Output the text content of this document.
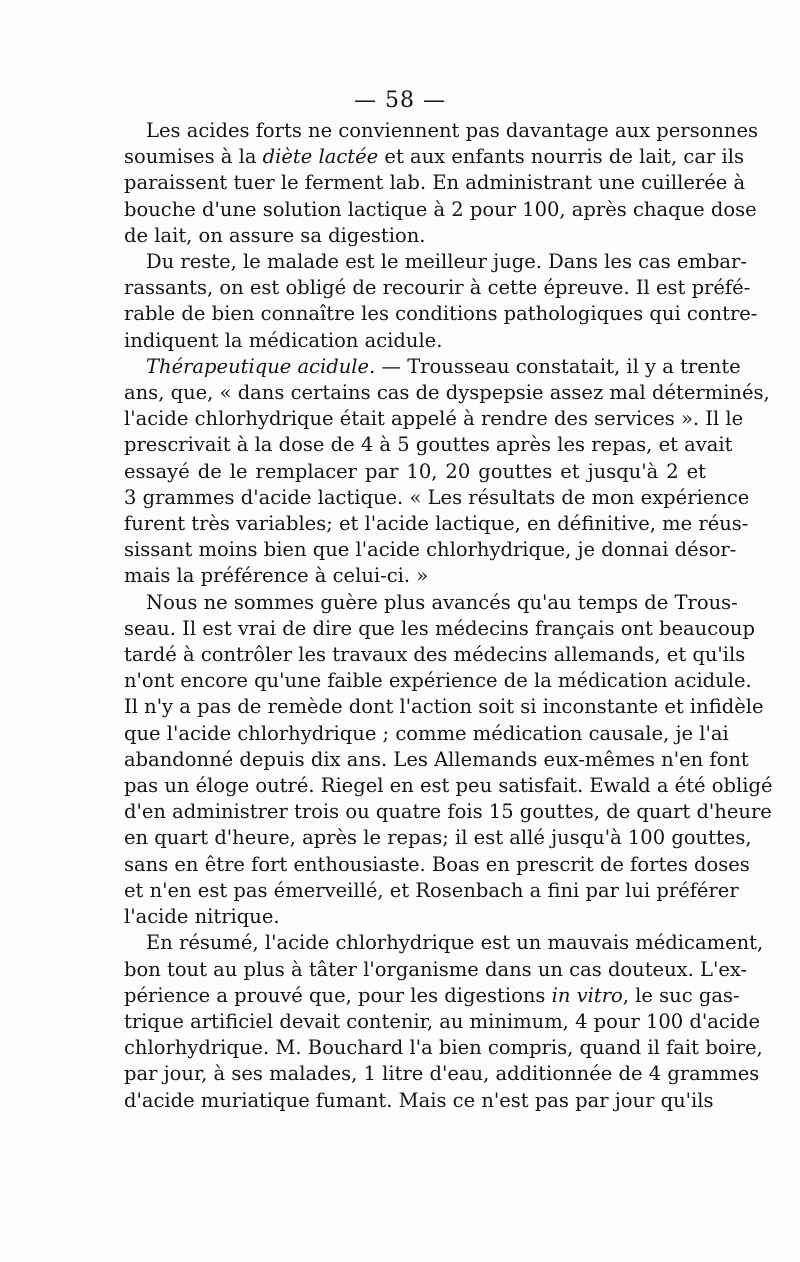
— 58 —
Les acides forts ne conviennent pas davantage aux personnes
soumises à la diète lactée et aux enfants nourris de lait, car ils
paraissent tuer le ferment lab. En administrant une cuillerée à
bouche d'une solution lactique à 2 pour 100, après chaque dose
de lait, on assure sa digestion.
Du reste, le malade est le meilleur juge. Dans les cas embar-
rassants, on est obligé de recourir à cette épreuve. Il est préfé-
rable de bien connaître les conditions pathologiques qui contre-
indiquent la médication acidule.
Thérapeutique acidule. — Trousseau constatait, il y a trente
ans, que, « dans certains cas de dyspepsie assez mal déterminés,
l'acide chlorhydrique était appelé à rendre des services ». Il le
prescrivait à la dose de 4 à 5 gouttes après les repas, et avait
essayé de le remplacer par 10, 20 gouttes et jusqu'à 2 et
3 grammes d'acide lactique. « Les résultats de mon expérience
furent très variables; et l'acide lactique, en définitive, me réus-
sissant moins bien que l'acide chlorhydrique, je donnai désor-
mais la préférence à celui-ci. »
Nous ne sommes guère plus avancés qu'au temps de Trous-
seau. Il est vrai de dire que les médecins français ont beaucoup
tardé à contrôler les travaux des médecins allemands, et qu'ils
n'ont encore qu'une faible expérience de la médication acidule.
Il n'y a pas de remède dont l'action soit si inconstante et infidèle
que l'acide chlorhydrique ; comme médication causale, je l'ai
abandonné depuis dix ans. Les Allemands eux-mêmes n'en font
pas un éloge outré. Riegel en est peu satisfait. Ewald a été obligé
d'en administrer trois ou quatre fois 15 gouttes, de quart d'heure
en quart d'heure, après le repas; il est allé jusqu'à 100 gouttes,
sans en être fort enthousiaste. Boas en prescrit de fortes doses
et n'en est pas émerveillé, et Rosenbach a fini par lui préférer
l'acide nitrique.
En résumé, l'acide chlorhydrique est un mauvais médicament,
bon tout au plus à tâter l'organisme dans un cas douteux. L'ex-
périence a prouvé que, pour les digestions in vitro, le suc gas-
trique artificiel devait contenir, au minimum, 4 pour 100 d'acide
chlorhydrique. M. Bouchard l'a bien compris, quand il fait boire,
par jour, à ses malades, 1 litre d'eau, additionnée de 4 grammes
d'acide muriatique fumant. Mais ce n'est pas par jour qu'ils
